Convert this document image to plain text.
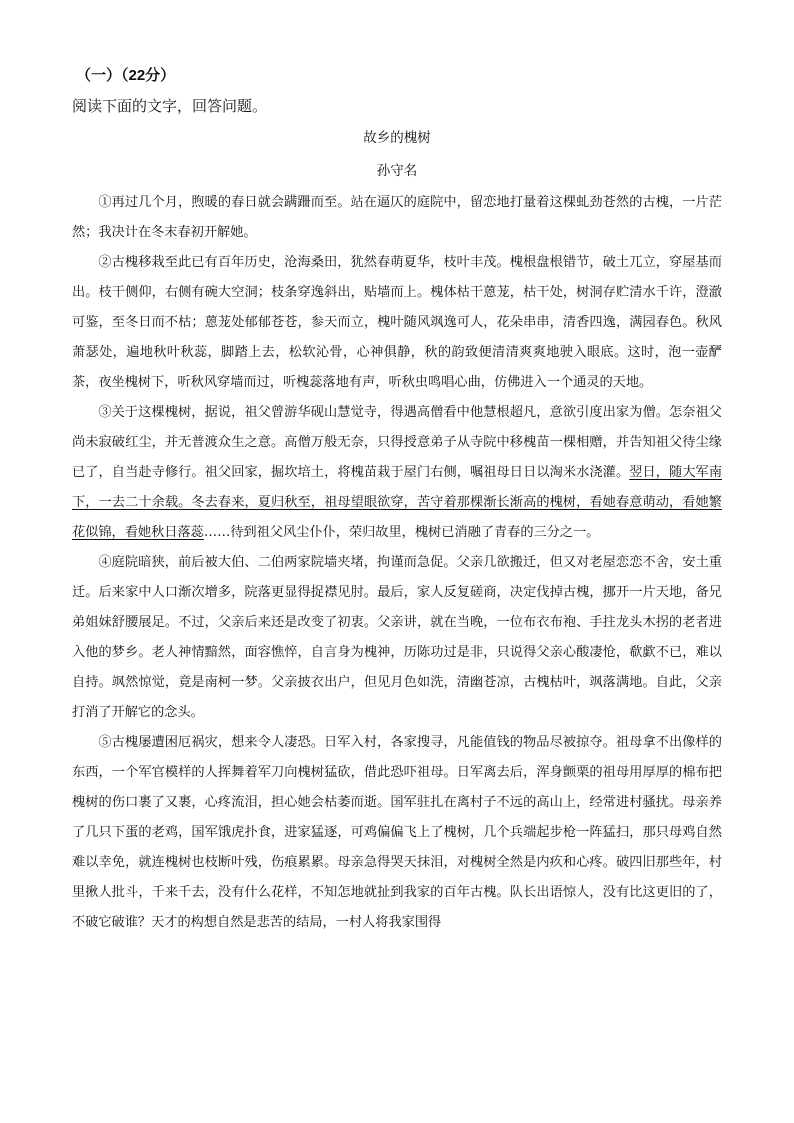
（一）（22分）
阅读下面的文字，回答问题。
故乡的槐树
孙守名

①再过几个月，煦暖的春日就会蹒跚而至。站在逼仄的庭院中，留恋地打量着这棵虬劲苍然的古槐，一片茫然；我决计在冬末春初开解她。

②古槐移栽至此已有百年历史，沧海桑田，犹然春萌夏华，枝叶丰茂。槐根盘根错节，破土兀立，穿屋基而出。枝干侧仰，右侧有碗大空洞；枝条穿逸斜出，贴墙而上。槐体枯干蒽茏，枯干处，树洞存贮清水千许，澄澈可鉴，至冬日而不枯；蒽茏处郁郁苍苍，参天而立，槐叶随风飒逸可人，花朵串串，清香四逸，满园春色。秋风萧瑟处，遍地秋叶秋蕊，脚踏上去，松软沁骨，心神俱静，秋的韵致便清清爽爽地驶入眼底。这时，泡一壶酽茶，夜坐槐树下，听秋风穿墙而过，听槐蕊落地有声，听秋虫鸣唱心曲，仿佛进入一个通灵的天地。

③关于这棵槐树，据说，祖父曾游华砚山慧觉寺，得遇高僧看中他慧根超凡，意欲引度出家为僧。怎奈祖父尚未寂破红尘，并无普渡众生之意。高僧万般无奈，只得授意弟子从寺院中移槐苗一棵相赠，并告知祖父待尘缘已了，自当赴寺修行。祖父回家，掘坎培土，将槐苗栽于屋门右侧，嘱祖母日日以淘米水浇灌。翌日，随大军南下，一去二十余载。冬去春来，夏归秋至，祖母望眼欲穿，苦守着那棵渐长渐高的槐树，看她春意萌动，看她繁花似锦，看她秋日落蕊……待到祖父风尘仆仆，荣归故里，槐树已消融了青春的三分之一。

④庭院暗狭，前后被大伯、二伯两家院墙夹堵，拘谨而急促。父亲几欲搬迁，但又对老屋恋恋不舍，安土重迁。后来家中人口渐次增多，院落更显得捉襟见肘。最后，家人反复磋商，决定伐掉古槐，挪开一片天地，备兄弟姐妹舒腰展足。不过，父亲后来还是改变了初衷。父亲讲，就在当晚，一位布衣布袍、手拄龙头木拐的老者进入他的梦乡。老人神情黯然，面容憔悴，自言身为槐神，历陈功过是非，只说得父亲心酸凄怆，欷歔不已，难以自持。飒然惊觉，竟是南柯一梦。父亲披衣出户，但见月色如洗，清幽苍凉，古槐枯叶，飒落满地。自此，父亲打消了开解它的念头。

⑤古槐屡遭困厄祸灾，想来令人凄恐。日军入村，各家搜寻，凡能值钱的物品尽被掠夺。祖母拿不出像样的东西，一个军官模样的人挥舞着军刀向槐树猛砍，借此恐吓祖母。日军离去后，浑身颤栗的祖母用厚厚的棉布把槐树的伤口裹了又裹，心疼流泪，担心她会枯萎而逝。国军驻扎在离村子不远的高山上，经常进村骚扰。母亲养了几只下蛋的老鸡，国军饿虎扑食，进家猛逐，可鸡偏偏飞上了槐树，几个兵端起步枪一阵猛扫，那只母鸡自然难以幸免，就连槐树也枝断叶残，伤痕累累。母亲急得哭天抹泪，对槐树全然是内疚和心疼。破四旧那些年，村里揪人批斗，千来千去，没有什么花样，不知怎地就扯到我家的百年古槐。队长出语惊人，没有比这更旧的了，不破它破谁？天才的构想自然是悲苦的结局，一村人将我家围得
